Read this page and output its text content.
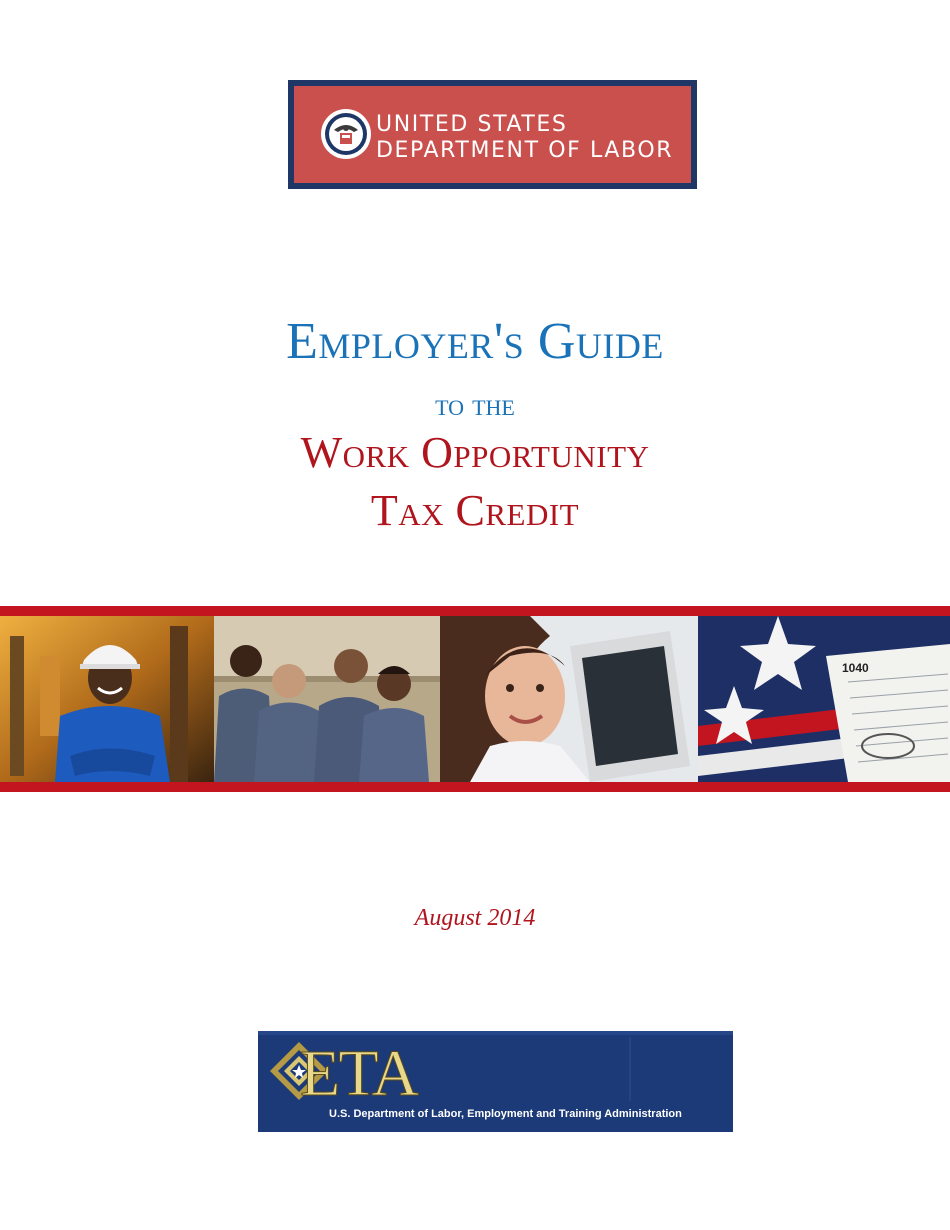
UNITED STATES
DEPARTMENT OF LABOR
Employer's Guide
to the
Work Opportunity
Tax Credit
1040
August 2014
ETA
U.S. Department of Labor, Employment and Training Administration
